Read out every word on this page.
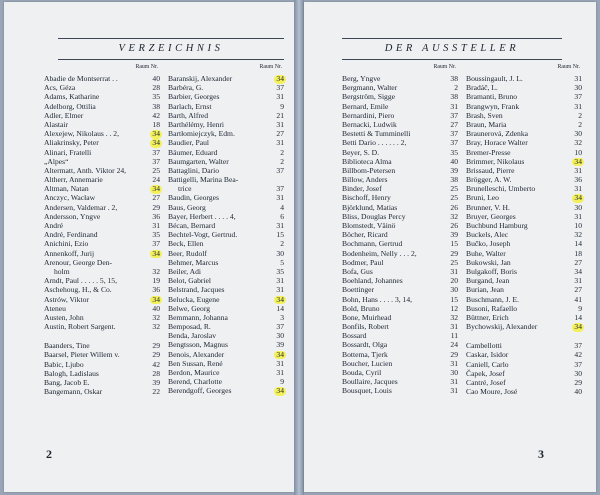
VERZEICHNIS
Raum Nr.
Abadie de Montserrat . .	40
Acs, Géza	28
Adams, Katharine	35
Adelborg, Ottilia	38
Adler, Elmer	42
Alastair	18
Alexejew, Nikolaus . . 2,	34
Aliakrinsky, Peter	34
Alinari, Fratelli	37
„Alpes“	37
Altermatt, Anth. Viktor 24,	25
Altherr, Annemarie	24
Altman, Natan	34
Anczyc, Wacław	27
Andersen, Valdemar . 2,	29
Andersson, Yngve	36
André	31
André, Ferdinand	35
Anichini, Ezio	37
Annenkoff, Jurij	34
Arenour, George Den-
holm	32
Arndt, Paul . . . . . 5, 15,	19
Aschehoug, H., & Co.	36
Astrów, Viktor	34
Ateneu	40
Austen, John	32
Austin, Robert Sargent.	32
Baanders, Tine	29
Baarsel, Pieter Willem v.	29
Babic, Ljubo	42
Balogh, Ladislaus	28
Bang, Jacob E.	39
Bangemann, Oskar	22
Raum Nr.
Baranskij, Alexander	34
Barbéra, G.	37
Barbier, Georges	31
Barlach, Ernst	9
Barth, Alfred	21
Barthélémy, Henri	31
Bartłomiejczyk, Edm.	27
Baudier, Paul	31
Bäumer, Eduard	2
Baumgarten, Walter	2
Battaglini, Dario	37
Battigelli, Marina Bea-
trice	37
Baudin, Georges	31
Baus, Georg	4
Bayer, Herbert . . . . 4,	6
Bécan, Bernard	31
Bechtel-Vogt, Gertrud.	15
Beck, Ellen	2
Beer, Rudolf	30
Behmer, Marcus	5
Beiler, Adi	35
Belot, Gabriel	31
Belstrand, Jacques	31
Belucka, Eugene	34
Belwe, Georg	14
Bemmann, Johanna	3
Bemposad, R.	37
Benda, Jaroslav	30
Bengtsson, Magnus	39
Benois, Alexander	34
Ben Sussan, René	31
Berdon, Maurice	31
Berend, Charlotte	9
Berendgoff, Georges	34
2
DER AUSSTELLER
Raum Nr.
Berg, Yngve	38
Bergmann, Walter	2
Bergström, Sigge	38
Bernard, Emile	31
Bernardini, Piero	37
Bernacki, Ludwik	27
Bestetti & Tumminelli	37
Betti Dario . . . . . . 2,	37
Beyer, S. D.	35
Biblioteca Alma	40
Billbom-Petersen	39
Billow, Anders	38
Binder, Josef	25
Bischoff, Henry	25
Björklund, Matias	26
Bliss, Douglas Percy	32
Blomstedt, Väinö	26
Böcher, Ricard	39
Bochmann, Gertrud	15
Bodenheim, Nelly . . . 2,	29
Bodmer, Paul	25
Bofa, Gus	31
Boehland, Johannes	20
Boettinger	30
Bohn, Hans . . . . 3, 14,	15
Bold, Bruno	12
Bone, Muirhead	32
Bonfils, Robert	31
Bossard	11
Bossardt, Olga	24
Bottema, Tjerk	29
Boucher, Lucien	31
Bouda, Cyril	30
Boullaire, Jacques	31
Bousquet, Louis	31
Raum Nr.
Boussingault, J. L.	31
Bradáč, L.	30
Bramanti, Bruno	37
Brangwyn, Frank	31
Brash, Sven	2
Braun, Maria	2
Braunerová, Zdenka	30
Bray, Horace Walter	32
Bremer-Presse	10
Brimmer, Nikolaus	34
Brissaud, Pierre	31
Brögger, A. W.	36
Brunelleschi, Umberto	31
Bruni, Leo	34
Brunner, V. H.	30
Bruyer, Georges	31
Buchbund Hamburg	10
Buckels, Alec	32
Bučko, Joseph	14
Buhe, Walter	18
Bukowski, Jan	27
Bulgakoff, Boris	34
Burgand, Jean	31
Burian, Jean	27
Buschmann, J. E.	41
Busoni, Rafaello	9
Büttner, Erich	14
Bychowskij, Alexander	34
Cambellotti	37
Caskar, Isidor	42
Caniell, Carlo	37
Čapek, Josef	30
Cantré, Josef	29
Cao Moure, José	40
3
